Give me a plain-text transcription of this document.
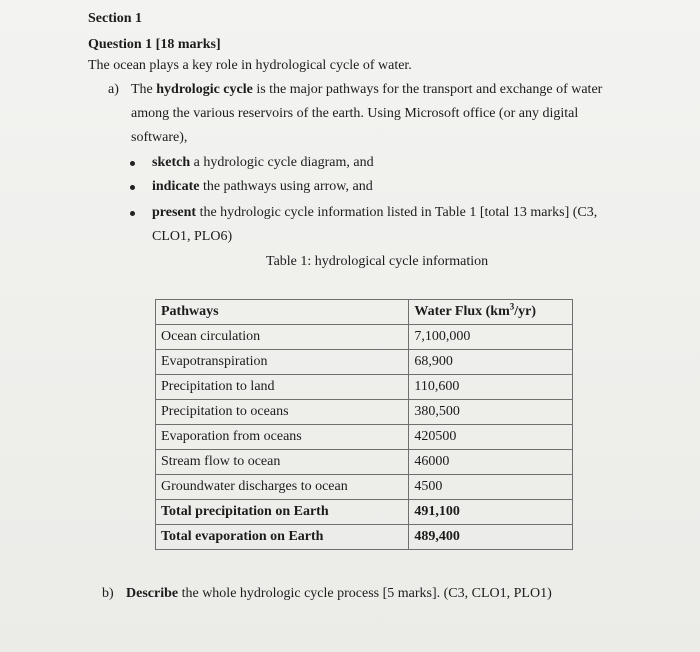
Section 1
Question 1 [18 marks]
The ocean plays a key role in hydrological cycle of water.
a) The hydrologic cycle is the major pathways for the transport and exchange of water
among the various reservoirs of the earth. Using Microsoft office (or any digital
software),
sketch a hydrologic cycle diagram, and
indicate the pathways using arrow, and
present the hydrologic cycle information listed in Table 1 [total 13 marks] (C3,
CLO1, PLO6)
Table 1: hydrological cycle information
Pathways	Water Flux $(km^3/yr)$
Ocean circulation	7,100,000
Evapotranspiration	68,900
Precipitation to land	110,600
Precipitation to oceans	380,500
Evaporation from oceans	420500
Stream flow to ocean	46000
Groundwater discharges to ocean	4500
Total precipitation on Earth	491,100
Total evaporation on Earth	489,400
b) Describe the whole hydrologic cycle process [5 marks]. (C3, CLO1, PLO1)
